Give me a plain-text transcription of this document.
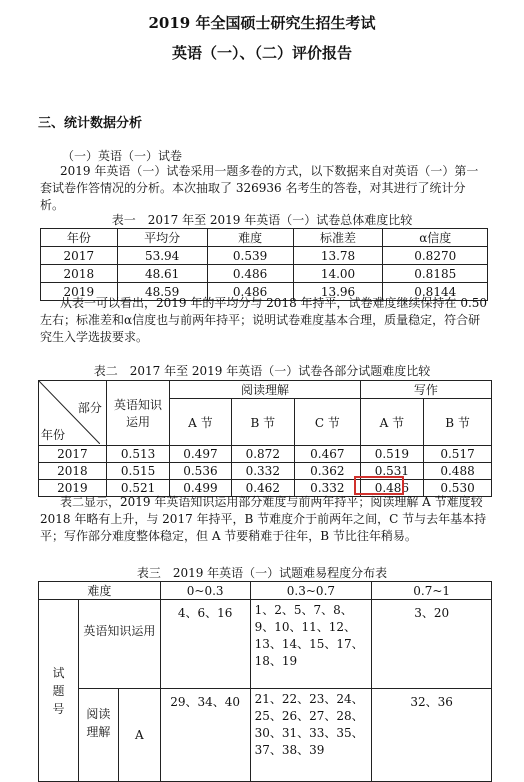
2019 年全国硕士研究生招生考试
英语（一）、（二）评价报告
三、统计数据分析
（一）英语（一）试卷
2019 年英语（一）试卷采用一题多卷的方式，以下数据来自对英语（一）第一套试卷作答情况的分析。本次抽取了 326936 名考生的答卷，对其进行了统计分析。
表一　2017 年至 2019 年英语（一）试卷总体难度比较
年份	平均分	难度	标准差	α信度
2017	53.94	0.539	13.78	0.8270
2018	48.61	0.486	14.00	0.8185
2019	48.59	0.486	13.96	0.8144
从表一可以看出，2019 年的平均分与 2018 年持平，试卷难度继续保持在 0.50 左右；标准差和α信度也与前两年持平；说明试卷难度基本合理，质量稳定，符合研究生入学选拔要求。
表二　2017 年至 2019 年英语（一）试卷各部分试题难度比较
部分
年份	英语知识运用	阅读理解			写作	
		A 节	B 节	C 节	A 节	B 节
2017	0.513	0.497	0.872	0.467	0.519	0.517
2018	0.515	0.536	0.332	0.362	0.531	0.488
2019	0.521	0.499	0.462	0.332	0.486	0.530
表二显示，2019 年英语知识运用部分难度与前两年持平；阅读理解 A 节难度较 2018 年略有上升，与 2017 年持平，B 节难度介于前两年之间，C 节与去年基本持平；写作部分难度整体稳定，但 A 节要稍难于往年，B 节比往年稍易。
表三　2019 年英语（一）试题难易程度分布表
难度			0~0.3	0.3~0.7	0.7~1
试题号	英语知识运用		4、6、16	1、2、5、7、8、9、10、11、12、13、14、15、17、18、19	3、20
	阅读理解	A	29、34、40	21、22、23、24、25、26、27、28、30、31、33、35、37、38、39	32、36
